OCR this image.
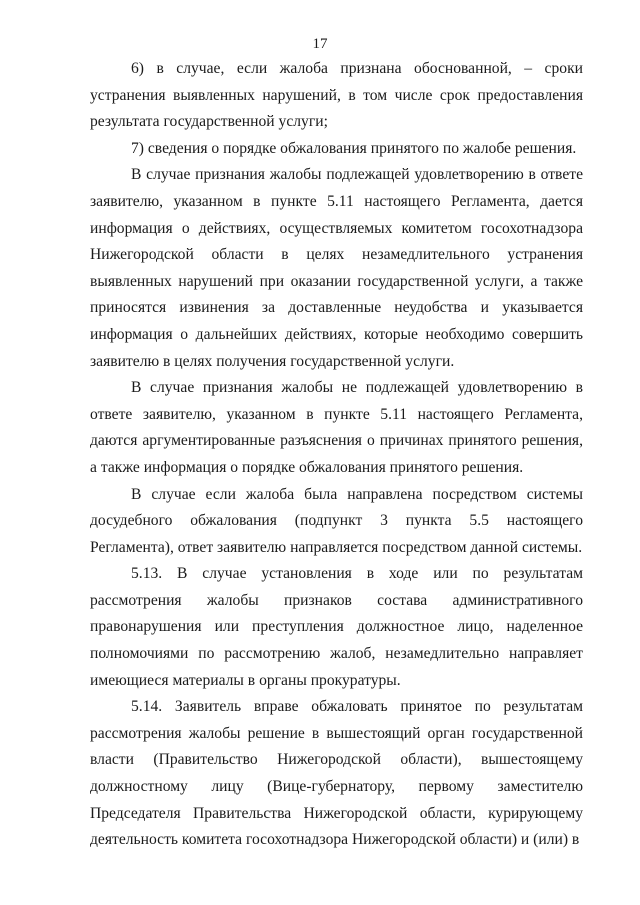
17

6) в случае, если жалоба признана обоснованной, – сроки устранения выявленных нарушений, в том числе срок предоставления результата государственной услуги;

7) сведения о порядке обжалования принятого по жалобе решения.

В случае признания жалобы подлежащей удовлетворению в ответе заявителю, указанном в пункте 5.11 настоящего Регламента, дается информация о действиях, осуществляемых комитетом госохотнадзора Нижегородской области в целях незамедлительного устранения выявленных нарушений при оказании государственной услуги, а также приносятся извинения за доставленные неудобства и указывается информация о дальнейших действиях, которые необходимо совершить заявителю в целях получения государственной услуги.

В случае признания жалобы не подлежащей удовлетворению в ответе заявителю, указанном в пункте 5.11 настоящего Регламента, даются аргументированные разъяснения о причинах принятого решения, а также информация о порядке обжалования принятого решения.

В случае если жалоба была направлена посредством системы досудебного обжалования (подпункт 3 пункта 5.5 настоящего Регламента), ответ заявителю направляется посредством данной системы.

5.13. В случае установления в ходе или по результатам рассмотрения жалобы признаков состава административного правонарушения или преступления должностное лицо, наделенное полномочиями по рассмотрению жалоб, незамедлительно направляет имеющиеся материалы в органы прокуратуры.

5.14. Заявитель вправе обжаловать принятое по результатам рассмотрения жалобы решение в вышестоящий орган государственной власти (Правительство Нижегородской области), вышестоящему должностному лицу (Вице-губернатору, первому заместителю Председателя Правительства Нижегородской области, курирующему деятельность комитета госохотнадзора Нижегородской области) и (или) в
